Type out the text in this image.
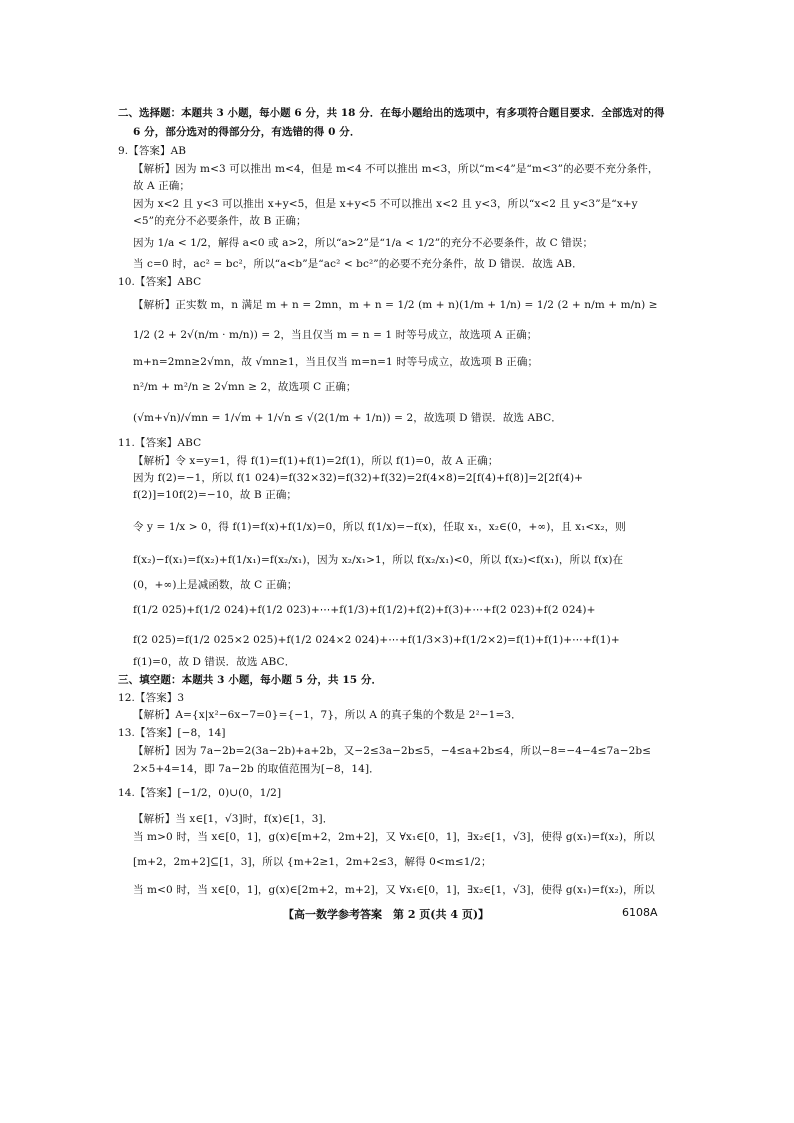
二、选择题：本题共 3 小题，每小题 6 分，共 18 分．在每小题给出的选项中，有多项符合题目要求．全部选对的得
6 分，部分选对的得部分分，有选错的得 0 分．
9.【答案】AB
【解析】因为 m<3 可以推出 m<4，但是 m<4 不可以推出 m<3，所以“m<4”是“m<3”的必要不充分条件，
故 A 正确；
因为 x<2 且 y<3 可以推出 x+y<5，但是 x+y<5 不可以推出 x<2 且 y<3，所以“x<2 且 y<3”是“x+y
<5”的充分不必要条件，故 B 正确；
因为 1/a < 1/2，解得 a<0 或 a>2，所以“a>2”是“1/a < 1/2”的充分不必要条件，故 C 错误；
当 c=0 时，ac² = bc²，所以“a<b”是“ac² < bc²”的必要不充分条件，故 D 错误．故选 AB．
10.【答案】ABC
【解析】正实数 m，n 满足 m + n = 2mn，m + n = 1/2 (m + n)(1/m + 1/n) = 1/2 (2 + n/m + m/n) ≥
1/2 (2 + 2√(n/m · m/n)) = 2，当且仅当 m = n = 1 时等号成立，故选项 A 正确；
m+n=2mn≥2√mn，故 √mn≥1，当且仅当 m=n=1 时等号成立，故选项 B 正确；
n²/m + m²/n ≥ 2√mn ≥ 2，故选项 C 正确；
(√m+√n)/√mn = 1/√m + 1/√n ≤ √(2(1/m + 1/n)) = 2，故选项 D 错误．故选 ABC．
11.【答案】ABC
【解析】令 x=y=1，得 f(1)=f(1)+f(1)=2f(1)，所以 f(1)=0，故 A 正确；
因为 f(2)=−1，所以 f(1 024)=f(32×32)=f(32)+f(32)=2f(4×8)=2[f(4)+f(8)]=2[2f(4)+
f(2)]=10f(2)=−10，故 B 正确；
令 y = 1/x > 0，得 f(1)=f(x)+f(1/x)=0，所以 f(1/x)=−f(x)，任取 x₁，x₂∈(0，+∞)，且 x₁<x₂，则
f(x₂)−f(x₁)=f(x₂)+f(1/x₁)=f(x₂/x₁)，因为 x₂/x₁>1，所以 f(x₂/x₁)<0，所以 f(x₂)<f(x₁)，所以 f(x)在
(0，+∞)上是减函数，故 C 正确；
f(1/2 025)+f(1/2 024)+f(1/2 023)+⋯+f(1/3)+f(1/2)+f(2)+f(3)+⋯+f(2 023)+f(2 024)+
f(2 025)=f(1/2 025×2 025)+f(1/2 024×2 024)+⋯+f(1/3×3)+f(1/2×2)=f(1)+f(1)+⋯+f(1)+
f(1)=0，故 D 错误．故选 ABC．
三、填空题：本题共 3 小题，每小题 5 分，共 15 分．
12.【答案】3
【解析】A={x|x²−6x−7=0}={−1，7}，所以 A 的真子集的个数是 2²−1=3．
13.【答案】[−8，14]
【解析】因为 7a−2b=2(3a−2b)+a+2b，又−2≤3a−2b≤5，−4≤a+2b≤4，所以−8=−4−4≤7a−2b≤
2×5+4=14，即 7a−2b 的取值范围为[−8，14]．
14.【答案】[−1/2，0)∪(0，1/2]
【解析】当 x∈[1，√3]时，f(x)∈[1，3]．
当 m>0 时，当 x∈[0，1]，g(x)∈[m+2，2m+2]，又 ∀x₁∈[0，1]，∃x₂∈[1，√3]，使得 g(x₁)=f(x₂)，所以
[m+2，2m+2]⊆[1，3]，所以 {m+2≥1，2m+2≤3，解得 0<m≤1/2；
当 m<0 时，当 x∈[0，1]，g(x)∈[2m+2，m+2]，又 ∀x₁∈[0，1]，∃x₂∈[1，√3]，使得 g(x₁)=f(x₂)，所以
【高一数学参考答案　第 2 页(共 4 页)】	6108A
